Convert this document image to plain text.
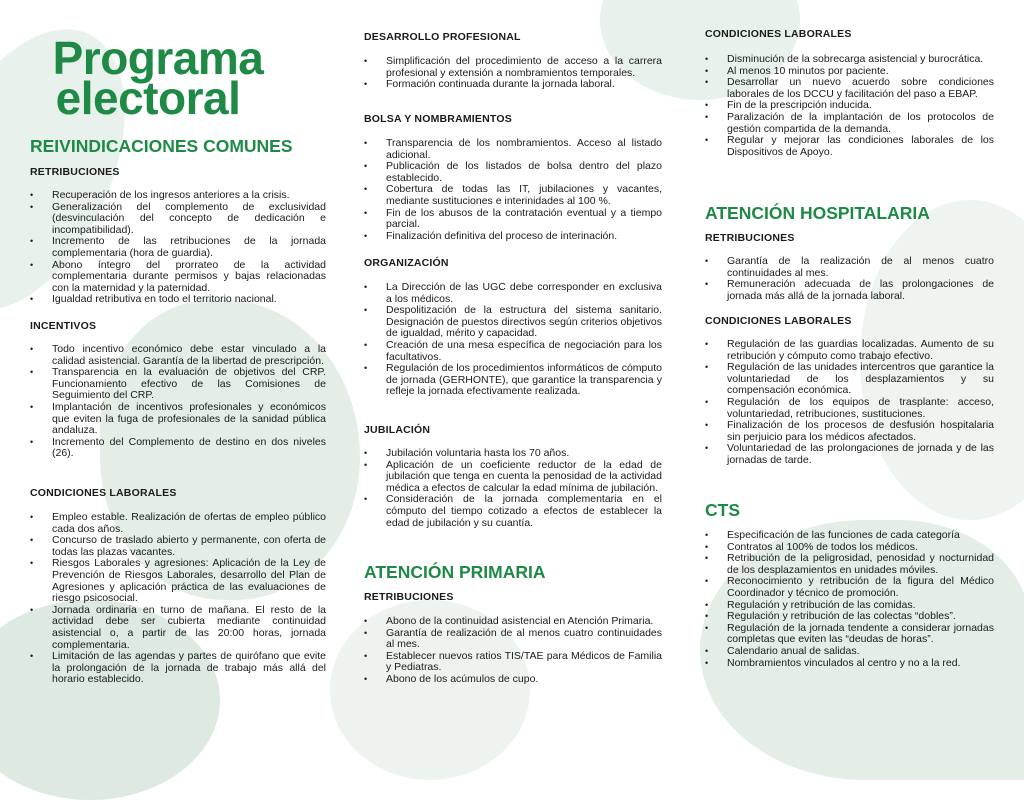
Programa
electoral
REIVINDICACIONES COMUNES
RETRIBUCIONES
• Recuperación de los ingresos anteriores a la crisis.
• Generalización del complemento de exclusividad (desvinculación del concepto de dedicación e incompatibilidad).
• Incremento de las retribuciones de la jornada complementaria (hora de guardia).
• Abono íntegro del prorrateo de la actividad complementaria durante permisos y bajas relacionadas con la maternidad y la paternidad.
• Igualdad retributiva en todo el territorio nacional.
INCENTIVOS
• Todo incentivo económico debe estar vinculado a la calidad asistencial. Garantía de la libertad de prescripción.
• Transparencia en la evaluación de objetivos del CRP. Funcionamiento efectivo de las Comisiones de Seguimiento del CRP.
• Implantación de incentivos profesionales y económicos que eviten la fuga de profesionales de la sanidad pública andaluza.
• Incremento del Complemento de destino en dos niveles (26).
CONDICIONES LABORALES
• Empleo estable. Realización de ofertas de empleo público cada dos años.
• Concurso de traslado abierto y permanente, con oferta de todas las plazas vacantes.
• Riesgos Laborales y agresiones: Aplicación de la Ley de Prevención de Riesgos Laborales, desarrollo del Plan de Agresiones y aplicación práctica de las evaluaciones de riesgo psicosocial.
• Jornada ordinaria en turno de mañana. El resto de la actividad debe ser cubierta mediante continuidad asistencial o, a partir de las 20:00 horas, jornada complementaria.
• Limitación de las agendas y partes de quirófano que evite la prolongación de la jornada de trabajo más allá del horario establecido.
DESARROLLO PROFESIONAL
• Simplificación del procedimiento de acceso a la carrera profesional y extensión a nombramientos temporales.
• Formación continuada durante la jornada laboral.
BOLSA Y NOMBRAMIENTOS
• Transparencia de los nombramientos. Acceso al listado adicional.
• Publicación de los listados de bolsa dentro del plazo establecido.
• Cobertura de todas las IT, jubilaciones y vacantes, mediante sustituciones e interinidades al 100 %.
• Fin de los abusos de la contratación eventual y a tiempo parcial.
• Finalización definitiva del proceso de interinación.
ORGANIZACIÓN
• La Dirección de las UGC debe corresponder en exclusiva a los médicos.
• Despolitización de la estructura del sistema sanitario. Designación de puestos directivos según criterios objetivos de igualdad, mérito y capacidad.
• Creación de una mesa específica de negociación para los facultativos.
• Regulación de los procedimientos informáticos de cómputo de jornada (GERHONTE), que garantice la transparencia y refleje la jornada efectivamente realizada.
JUBILACIÓN
• Jubilación voluntaria hasta los 70 años.
• Aplicación de un coeficiente reductor de la edad de jubilación que tenga en cuenta la penosidad de la actividad médica a efectos de calcular la edad mínima de jubilación.
• Consideración de la jornada complementaria en el cómputo del tiempo cotizado a efectos de establecer la edad de jubilación y su cuantía.
ATENCIÓN PRIMARIA
RETRIBUCIONES
• Abono de la continuidad asistencial en Atención Primaria.
• Garantía de realización de al menos cuatro continuidades al mes.
• Establecer nuevos ratios TIS/TAE para Médicos de Familia y Pediatras.
• Abono de los acúmulos de cupo.
CONDICIONES LABORALES
• Disminución de la sobrecarga asistencial y burocrática.
• Al menos 10 minutos por paciente.
• Desarrollar un nuevo acuerdo sobre condiciones laborales de los DCCU y facilitación del paso a EBAP.
• Fin de la prescripción inducida.
• Paralización de la implantación de los protocolos de gestión compartida de la demanda.
• Regular y mejorar las condiciones laborales de los Dispositivos de Apoyo.
ATENCIÓN HOSPITALARIA
RETRIBUCIONES
• Garantía de la realización de al menos cuatro continuidades al mes.
• Remuneración adecuada de las prolongaciones de jornada más allá de la jornada laboral.
CONDICIONES LABORALES
• Regulación de las guardias localizadas. Aumento de su retribución y cómputo como trabajo efectivo.
• Regulación de las unidades intercentros que garantice la voluntariedad de los desplazamientos y su compensación económica.
• Regulación de los equipos de trasplante: acceso, voluntariedad, retribuciones, sustituciones.
• Finalización de los procesos de desfusión hospitalaria sin perjuicio para los médicos afectados.
• Voluntariedad de las prolongaciones de jornada y de las jornadas de tarde.
CTS
• Especificación de las funciones de cada categoría
• Contratos al 100% de todos los médicos.
• Retribución de la peligrosidad, penosidad y nocturnidad de los desplazamientos en unidades móviles.
• Reconocimiento y retribución de la figura del Médico Coordinador y técnico de promoción.
• Regulación y retribución de las comidas.
• Regulación y retribución de las colectas “dobles”.
• Regulación de la jornada tendente a considerar jornadas completas que eviten las “deudas de horas”.
• Calendario anual de salidas.
• Nombramientos vinculados al centro y no a la red.
